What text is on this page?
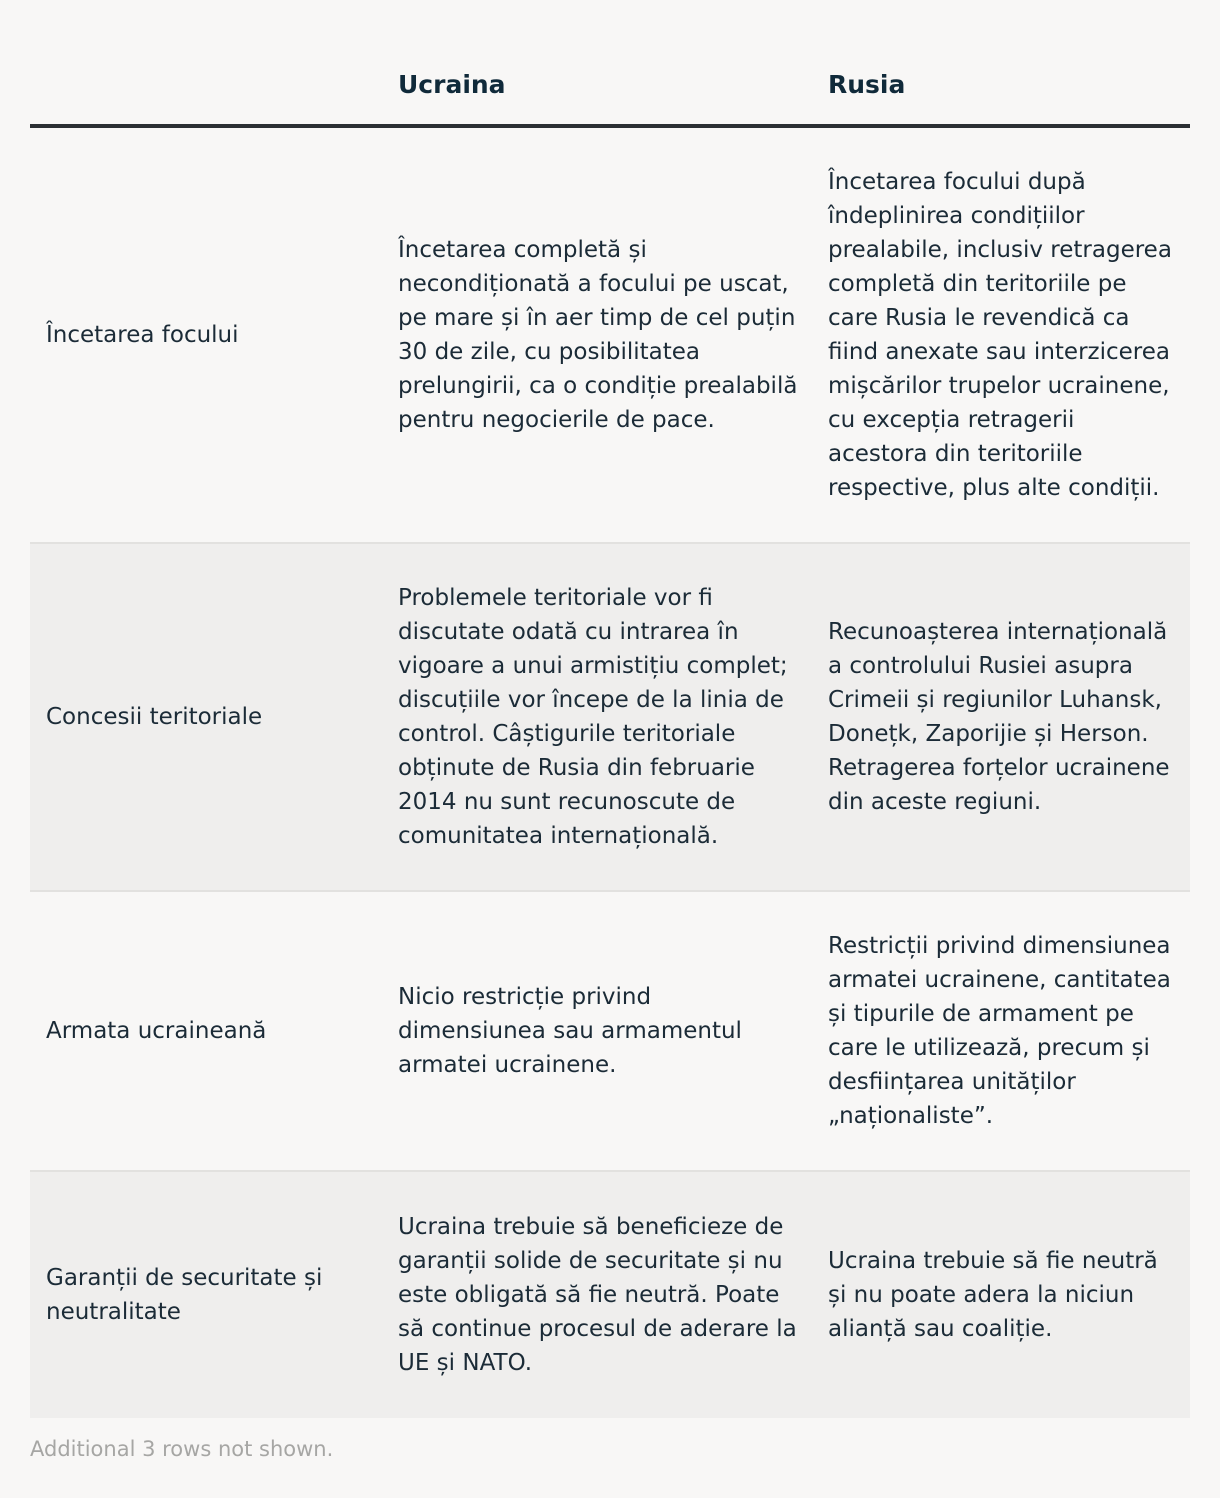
Ucraina	Rusia
Încetarea focului
Încetarea completă și necondiționată a focului pe uscat, pe mare și în aer timp de cel puțin 30 de zile, cu posibilitatea prelungirii, ca o condiție prealabilă pentru negocierile de pace.
Încetarea focului după îndeplinirea condițiilor prealabile, inclusiv retragerea completă din teritoriile pe care Rusia le revendică ca fiind anexate sau interzicerea mișcărilor trupelor ucrainene, cu excepția retragerii acestora din teritoriile respective, plus alte condiții.
Concesii teritoriale
Problemele teritoriale vor fi discutate odată cu intrarea în vigoare a unui armistițiu complet; discuțiile vor începe de la linia de control. Câștigurile teritoriale obținute de Rusia din februarie 2014 nu sunt recunoscute de comunitatea internațională.
Recunoașterea internațională a controlului Rusiei asupra Crimeii și regiunilor Luhansk, Donețk, Zaporijie și Herson. Retragerea forțelor ucrainene din aceste regiuni.
Armata ucraineană
Nicio restricție privind dimensiunea sau armamentul armatei ucrainene.
Restricții privind dimensiunea armatei ucrainene, cantitatea și tipurile de armament pe care le utilizează, precum și desființarea unităților „naționaliste”.
Garanții de securitate și neutralitate
Ucraina trebuie să beneficieze de garanții solide de securitate și nu este obligată să fie neutră. Poate să continue procesul de aderare la UE și NATO.
Ucraina trebuie să fie neutră și nu poate adera la niciun alianță sau coaliție.
Additional 3 rows not shown.
